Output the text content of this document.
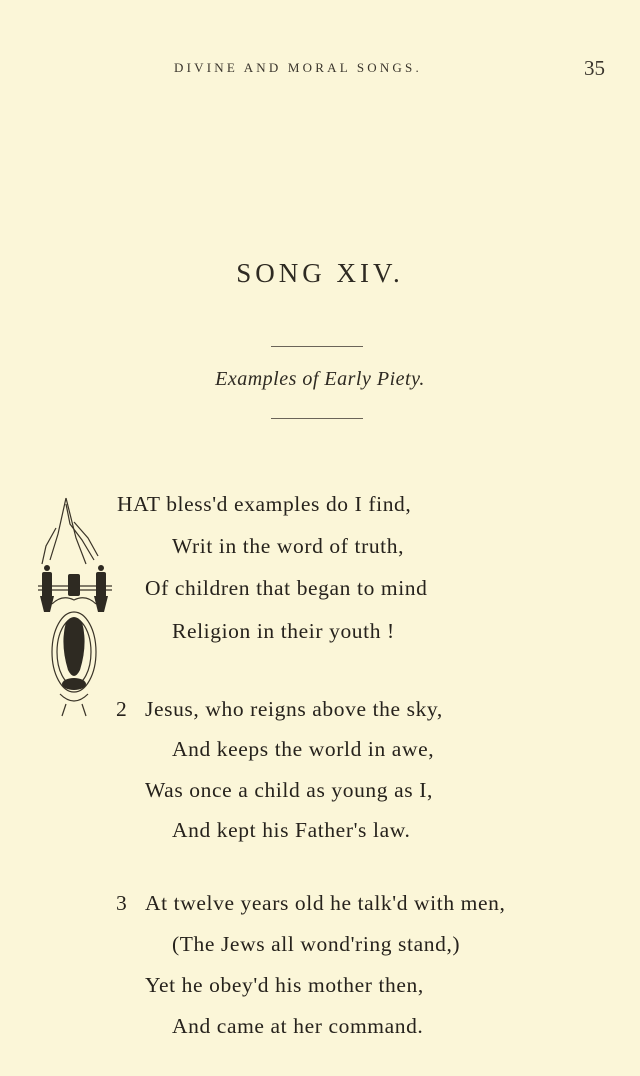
DIVINE AND MORAL SONGS.	35
SONG XIV.
Examples of Early Piety.
HAT bless'd examples do I find,
Writ in the word of truth,
Of children that began to mind
Religion in their youth !
2 Jesus, who reigns above the sky,
And keeps the world in awe,
Was once a child as young as I,
And kept his Father's law.
3 At twelve years old he talk'd with men,
(The Jews all wond'ring stand,)
Yet he obey'd his mother then,
And came at her command.
